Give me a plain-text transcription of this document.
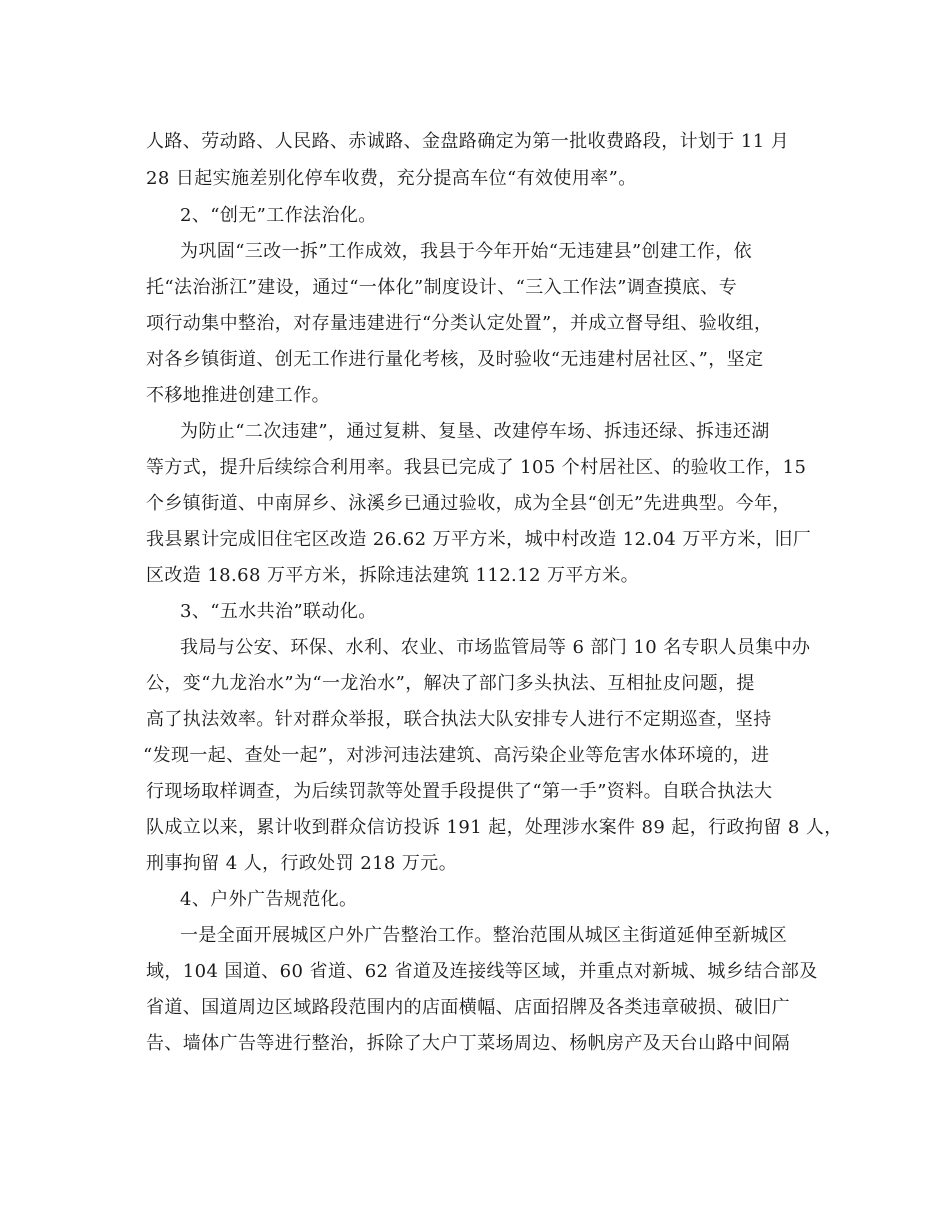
人路、劳动路、人民路、赤诚路、金盘路确定为第一批收费路段，计划于 11 月
28 日起实施差别化停车收费，充分提高车位“有效使用率”。
2、“创无”工作法治化。
为巩固“三改一拆”工作成效，我县于今年开始“无违建县”创建工作，依
托“法治浙江”建设，通过“一体化”制度设计、“三入工作法”调查摸底、专
项行动集中整治，对存量违建进行“分类认定处置”，并成立督导组、验收组，
对各乡镇街道、创无工作进行量化考核，及时验收“无违建村居社区、”，坚定
不移地推进创建工作。
为防止“二次违建”，通过复耕、复垦、改建停车场、拆违还绿、拆违还湖
等方式，提升后续综合利用率。我县已完成了 105 个村居社区、的验收工作，15
个乡镇街道、中南屏乡、泳溪乡已通过验收，成为全县“创无”先进典型。今年，
我县累计完成旧住宅区改造 26.62 万平方米，城中村改造 12.04 万平方米，旧厂
区改造 18.68 万平方米，拆除违法建筑 112.12 万平方米。
3、“五水共治”联动化。
我局与公安、环保、水利、农业、市场监管局等 6 部门 10 名专职人员集中办
公，变“九龙治水”为“一龙治水”，解决了部门多头执法、互相扯皮问题，提
高了执法效率。针对群众举报，联合执法大队安排专人进行不定期巡查，坚持
“发现一起、查处一起”，对涉河违法建筑、高污染企业等危害水体环境的，进
行现场取样调查，为后续罚款等处置手段提供了“第一手”资料。自联合执法大
队成立以来，累计收到群众信访投诉 191 起，处理涉水案件 89 起，行政拘留 8 人，
刑事拘留 4 人，行政处罚 218 万元。
4、户外广告规范化。
一是全面开展城区户外广告整治工作。整治范围从城区主街道延伸至新城区
域，104 国道、60 省道、62 省道及连接线等区域，并重点对新城、城乡结合部及
省道、国道周边区域路段范围内的店面横幅、店面招牌及各类违章破损、破旧广
告、墙体广告等进行整治，拆除了大户丁菜场周边、杨帆房产及天台山路中间隔
